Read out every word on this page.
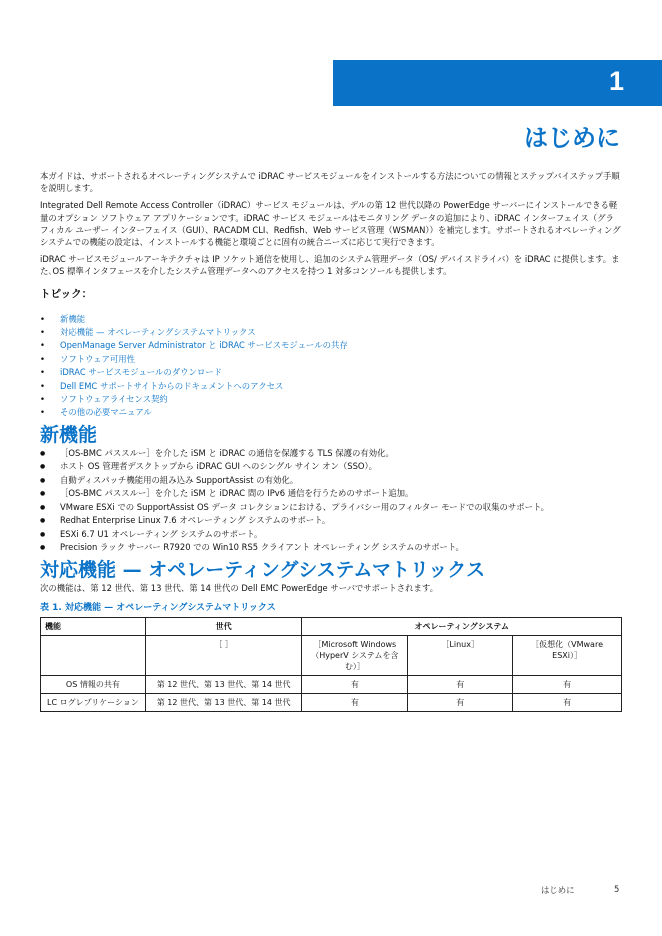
1
はじめに

本ガイドは、サポートされるオペレーティングシステムで iDRAC サービスモジュールをインストールする方法についての情報とステップバイステップ手順を説明します。

Integrated Dell Remote Access Controller（iDRAC）サービス モジュールは、デルの第 12 世代以降の PowerEdge サーバーにインストールできる軽量のオプション ソフトウェア アプリケーションです。iDRAC サービス モジュールはモニタリング データの追加により、iDRAC インターフェイス（グラフィカル ユーザー インターフェイス（GUI）、RACADM CLI、Redfish、Web サービス管理（WSMAN））を補完します。サポートされるオペレーティング システムでの機能の設定は、インストールする機能と環境ごとに固有の統合ニーズに応じて実行できます。

iDRAC サービスモジュールアーキテクチャは IP ソケット通信を使用し、追加のシステム管理データ（OS/ デバイスドライバ）を iDRAC に提供します。また､OS 標準インタフェースを介したシステム管理データへのアクセスを持つ 1 対多コンソールも提供します。

トピック：
• 新機能
• 対応機能 — オペレーティングシステムマトリックス
• OpenManage Server Administrator と iDRAC サービスモジュールの共存
• ソフトウェア可用性
• iDRAC サービスモジュールのダウンロード
• Dell EMC サポートサイトからのドキュメントへのアクセス
• ソフトウェアライセンス契約
• その他の必要マニュアル
新機能
● ［OS-BMC パススルー］を介した iSM と iDRAC の通信を保護する TLS 保護の有効化。
● ホスト OS 管理者デスクトップから iDRAC GUI へのシングル サイン オン（SSO）。
● 自動ディスパッチ機能用の組み込み SupportAssist の有効化。
● ［OS-BMC パススルー］を介した iSM と iDRAC 間の IPv6 通信を行うためのサポート追加。
● VMware ESXi での SupportAssist OS データ コレクションにおける、プライバシー用のフィルター モードでの収集のサポート。
● Redhat Enterprise Linux 7.6 オペレーティング システムのサポート。
● ESXi 6.7 U1 オペレーティング システムのサポート。
● Precision ラック サーバー R7920 での Win10 RS5 クライアント オペレーティング システムのサポート。
対応機能 — オペレーティングシステムマトリックス

次の機能は、第 12 世代、第 13 世代、第 14 世代の Dell EMC PowerEdge サーバでサポートされます。

表 1. 対応機能 — オペレーティングシステムマトリックス
機能	世代	オペレーティングシステム		
	［ ］	［Microsoft Windows（HyperV システムを含む）］	［Linux］	［仮想化（VMware ESXi）］
OS 情報の共有	第 12 世代、第 13 世代、第 14 世代	有	有	有
LC ログレプリケーション	第 12 世代、第 13 世代、第 14 世代	有	有	有
はじめに	5
